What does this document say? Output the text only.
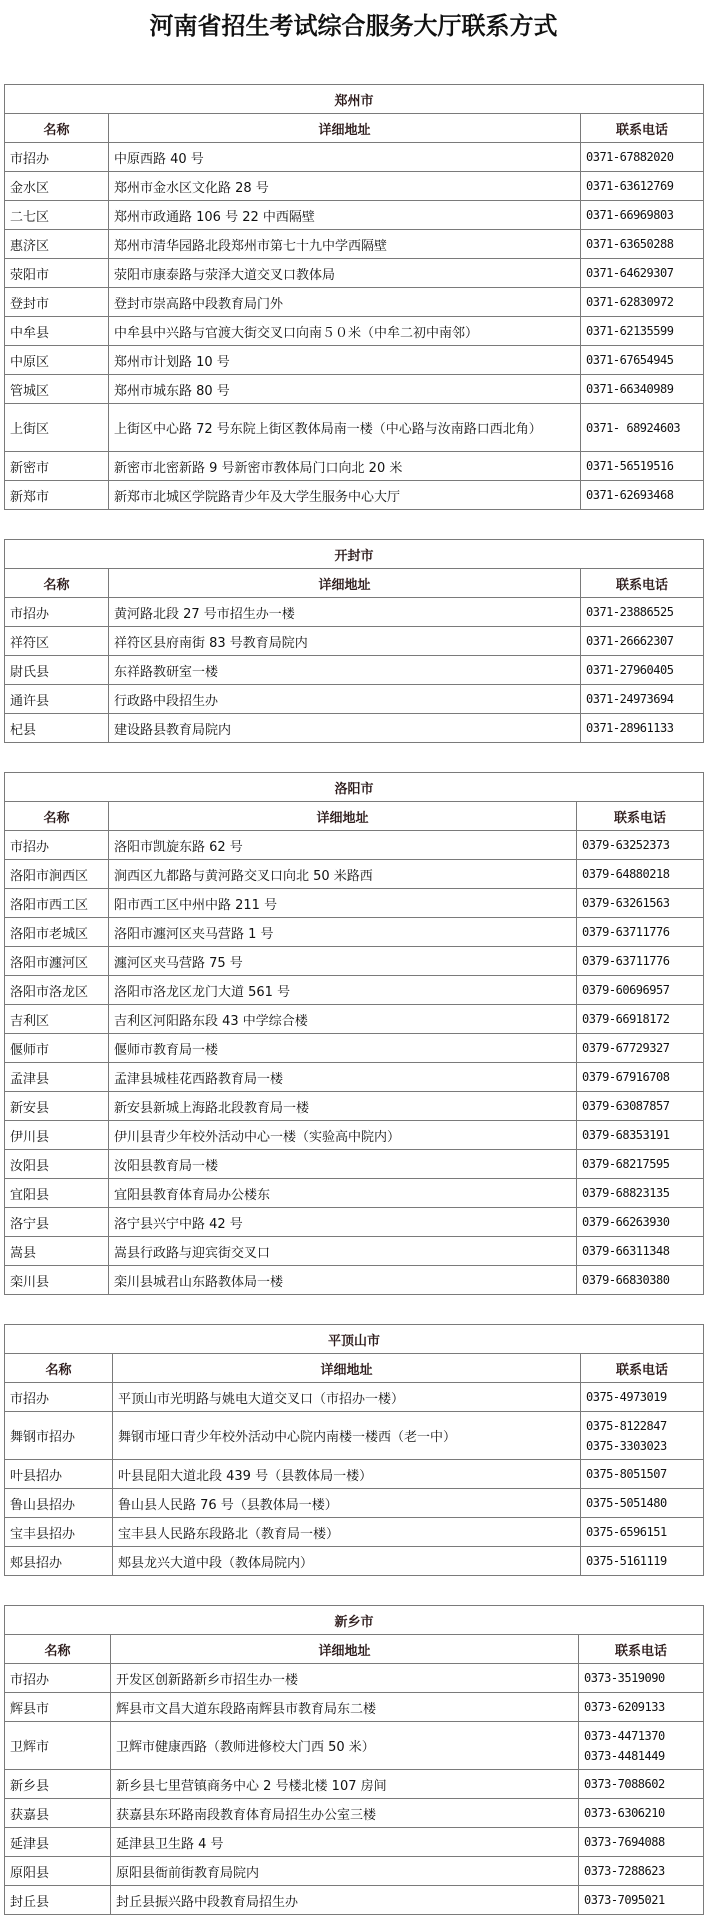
河南省招生考试综合服务大厅联系方式
郑州市		
名称	详细地址	联系电话
市招办	中原西路 40 号	0371-67882020

金水区	郑州市金水区文化路 28 号	0371-63612769

二七区	郑州市政通路 106 号 22 中西隔壁	0371-66969803

惠济区	郑州市清华园路北段郑州市第七十九中学西隔壁	0371-63650288

荥阳市	荥阳市康泰路与荥泽大道交叉口教体局	0371-64629307

登封市	登封市崇高路中段教育局门外	0371-62830972

中牟县	中牟县中兴路与官渡大街交叉口向南５０米（中牟二初中南邻）	0371-62135599

中原区	郑州市计划路 10 号	0371-67654945

管城区	郑州市城东路 80 号	0371-66340989

上街区	上街区中心路 72 号东院上街区教体局南一楼（中心路与汝南路口西北角）	0371- 68924603

新密市	新密市北密新路 9 号新密市教体局门口向北 20 米	0371-56519516

新郑市	新郑市北城区学院路青少年及大学生服务中心大厅	0371-62693468
开封市		
名称	详细地址	联系电话
市招办	黄河路北段 27 号市招生办一楼	0371-23886525

祥符区	祥符区县府南街 83 号教育局院内	0371-26662307

尉氏县	东祥路教研室一楼	0371-27960405

通许县	行政路中段招生办	0371-24973694

杞县	建设路县教育局院内	0371-28961133
洛阳市		
名称	详细地址	联系电话
市招办	洛阳市凯旋东路 62 号	0379-63252373

洛阳市涧西区	涧西区九都路与黄河路交叉口向北 50 米路西	0379-64880218

洛阳市西工区	阳市西工区中州中路 211 号	0379-63261563

洛阳市老城区	洛阳市瀍河区夹马营路 1 号	0379-63711776

洛阳市瀍河区	瀍河区夹马营路 75 号	0379-63711776

洛阳市洛龙区	洛阳市洛龙区龙门大道 561 号	0379-60696957

吉利区	吉利区河阳路东段 43 中学综合楼	0379-66918172

偃师市	偃师市教育局一楼	0379-67729327

孟津县	孟津县城桂花西路教育局一楼	0379-67916708

新安县	新安县新城上海路北段教育局一楼	0379-63087857

伊川县	伊川县青少年校外活动中心一楼（实验高中院内）	0379-68353191

汝阳县	汝阳县教育局一楼	0379-68217595

宜阳县	宜阳县教育体育局办公楼东	0379-68823135

洛宁县	洛宁县兴宁中路 42 号	0379-66263930

嵩县	嵩县行政路与迎宾街交叉口	0379-66311348

栾川县	栾川县城君山东路教体局一楼	0379-66830380
平顶山市		
名称	详细地址	联系电话
市招办	平顶山市光明路与姚电大道交叉口（市招办一楼）	0375-4973019

舞钢市招办	舞钢市垭口青少年校外活动中心院内南楼一楼西（老一中）	0375-8122847
0375-3303023

叶县招办	叶县昆阳大道北段 439 号（县教体局一楼）	0375-8051507

鲁山县招办	鲁山县人民路 76 号（县教体局一楼）	0375-5051480

宝丰县招办	宝丰县人民路东段路北（教育局一楼）	0375-6596151

郏县招办	郏县龙兴大道中段（教体局院内）	0375-5161119
新乡市		
名称	详细地址	联系电话
市招办	开发区创新路新乡市招生办一楼	0373-3519090

辉县市	辉县市文昌大道东段路南辉县市教育局东二楼	0373-6209133

卫辉市	卫辉市健康西路（教师进修校大门西 50 米）	0373-4471370
0373-4481449

新乡县	新乡县七里营镇商务中心 2 号楼北楼 107 房间	0373-7088602

获嘉县	获嘉县东环路南段教育体育局招生办公室三楼	0373-6306210

延津县	延津县卫生路 4 号	0373-7694088

原阳县	原阳县衙前街教育局院内	0373-7288623

封丘县	封丘县振兴路中段教育局招生办	0373-7095021
